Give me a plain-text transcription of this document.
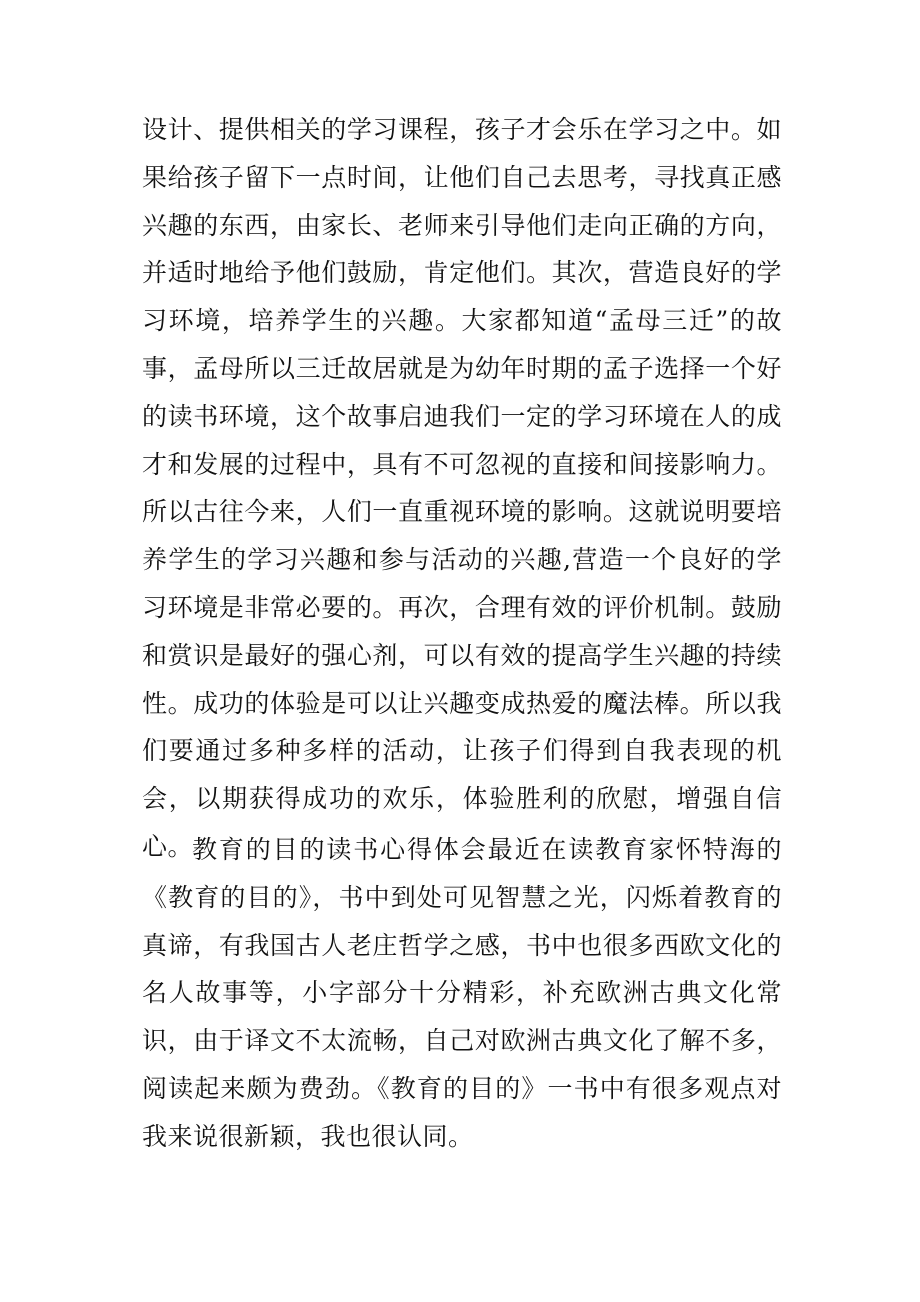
设计、提供相关的学习课程，孩子才会乐在学习之中。如果给孩子留下一点时间，让他们自己去思考，寻找真正感兴趣的东西，由家长、老师来引导他们走向正确的方向，并适时地给予他们鼓励，肯定他们。其次，营造良好的学习环境，培养学生的兴趣。大家都知道“孟母三迁”的故事，孟母所以三迁故居就是为幼年时期的孟子选择一个好的读书环境，这个故事启迪我们一定的学习环境在人的成才和发展的过程中，具有不可忽视的直接和间接影响力。所以古往今来，人们一直重视环境的影响。这就说明要培养学生的学习兴趣和参与活动的兴趣,营造一个良好的学习环境是非常必要的。再次，合理有效的评价机制。鼓励和赏识是最好的强心剂，可以有效的提高学生兴趣的持续性。成功的体验是可以让兴趣变成热爱的魔法棒。所以我们要通过多种多样的活动，让孩子们得到自我表现的机会，以期获得成功的欢乐，体验胜利的欣慰，增强自信心。

教育的目的读书心得体会最近在读教育家怀特海的《教育的目的》，书中到处可见智慧之光，闪烁着教育的真谛，有我国古人老庄哲学之感，书中也很多西欧文化的名人故事等，小字部分十分精彩，补充欧洲古典文化常识，由于译文不太流畅，自己对欧洲古典文化了解不多，阅读起来颇为费劲。《教育的目的》一书中有很多观点对我来说很新颖，我也很认同。
